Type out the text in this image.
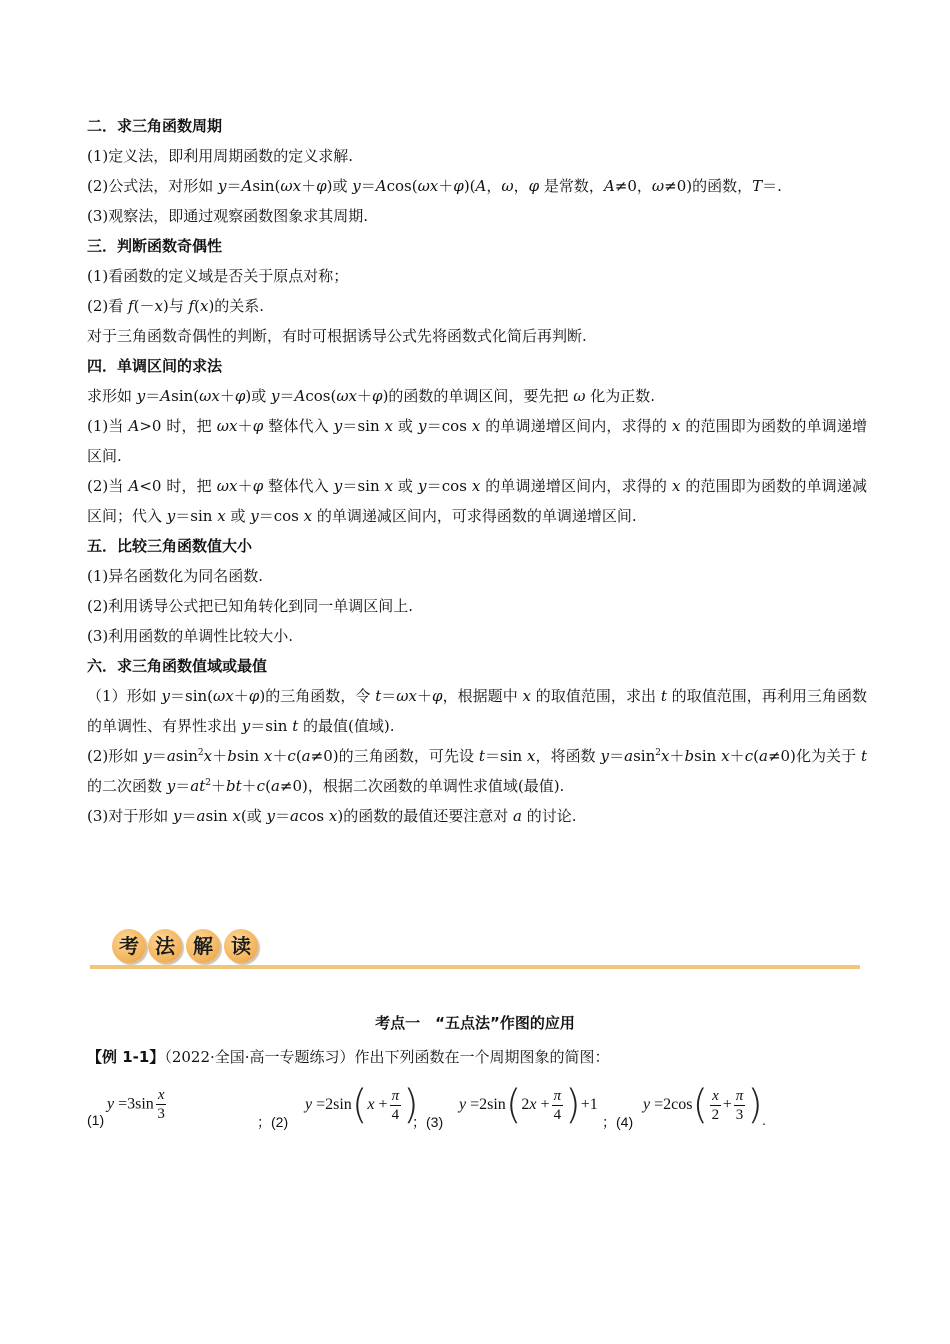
二．求三角函数周期

(1)定义法，即利用周期函数的定义求解.

(2)公式法，对形如 y＝Asin(ωx＋φ)或 y＝Acos(ωx＋φ)(A，ω，φ 是常数，A≠0，ω≠0)的函数，T＝.

(3)观察法，即通过观察函数图象求其周期.

三．判断函数奇偶性

(1)看函数的定义域是否关于原点对称；

(2)看 f(－x)与 f(x)的关系.

对于三角函数奇偶性的判断，有时可根据诱导公式先将函数式化简后再判断.

四．单调区间的求法

求形如 y＝Asin(ωx＋φ)或 y＝Acos(ωx＋φ)的函数的单调区间，要先把 ω 化为正数.

(1)当 A>0 时，把 ωx＋φ 整体代入 y＝sin x 或 y＝cos x 的单调递增区间内，求得的 x 的范围即为函数的单调递增区间.

(2)当 A<0 时，把 ωx＋φ 整体代入 y＝sin x 或 y＝cos x 的单调递增区间内，求得的 x 的范围即为函数的单调递减区间；代入 y＝sin x 或 y＝cos x 的单调递减区间内，可求得函数的单调递增区间.

五．比较三角函数值大小

(1)异名函数化为同名函数.

(2)利用诱导公式把已知角转化到同一单调区间上.

(3)利用函数的单调性比较大小.

六．求三角函数值域或最值

（1）形如 y＝sin(ωx＋φ)的三角函数，令 t＝ωx＋φ，根据题中 x 的取值范围，求出 t 的取值范围，再利用三角函数的单调性、有界性求出 y＝sin t 的最值(值域).

(2)形如 y＝asin$^2$x＋bsin x＋c(a≠0)的三角函数，可先设 t＝sin x，将函数 y＝asin$^2$x＋bsin x＋c(a≠0)化为关于 t 的二次函数 $y=at^2+bt+c(a\ne 0)$，根据二次函数的单调性求值域(最值).

(3)对于形如 y＝asin x(或 y＝acos x)的函数的最值还要注意对 a 的讨论.

考 法 解 读
考点一　“五点法”作图的应用
【例 1-1】（2022·全国·高一专题练习）作出下列函数在一个周期图象的简图：
(1)
$y =3\sin \frac{x}{3}$	；(2)
$y =2\sin(x + \frac{\pi}{4}$ )
；(3)
$y =2\sin(2x + \frac{\pi}{4} )+1$
；(4)
$y =2\cos( \frac{x}{2} + \frac{\pi}{3}$ ) .
